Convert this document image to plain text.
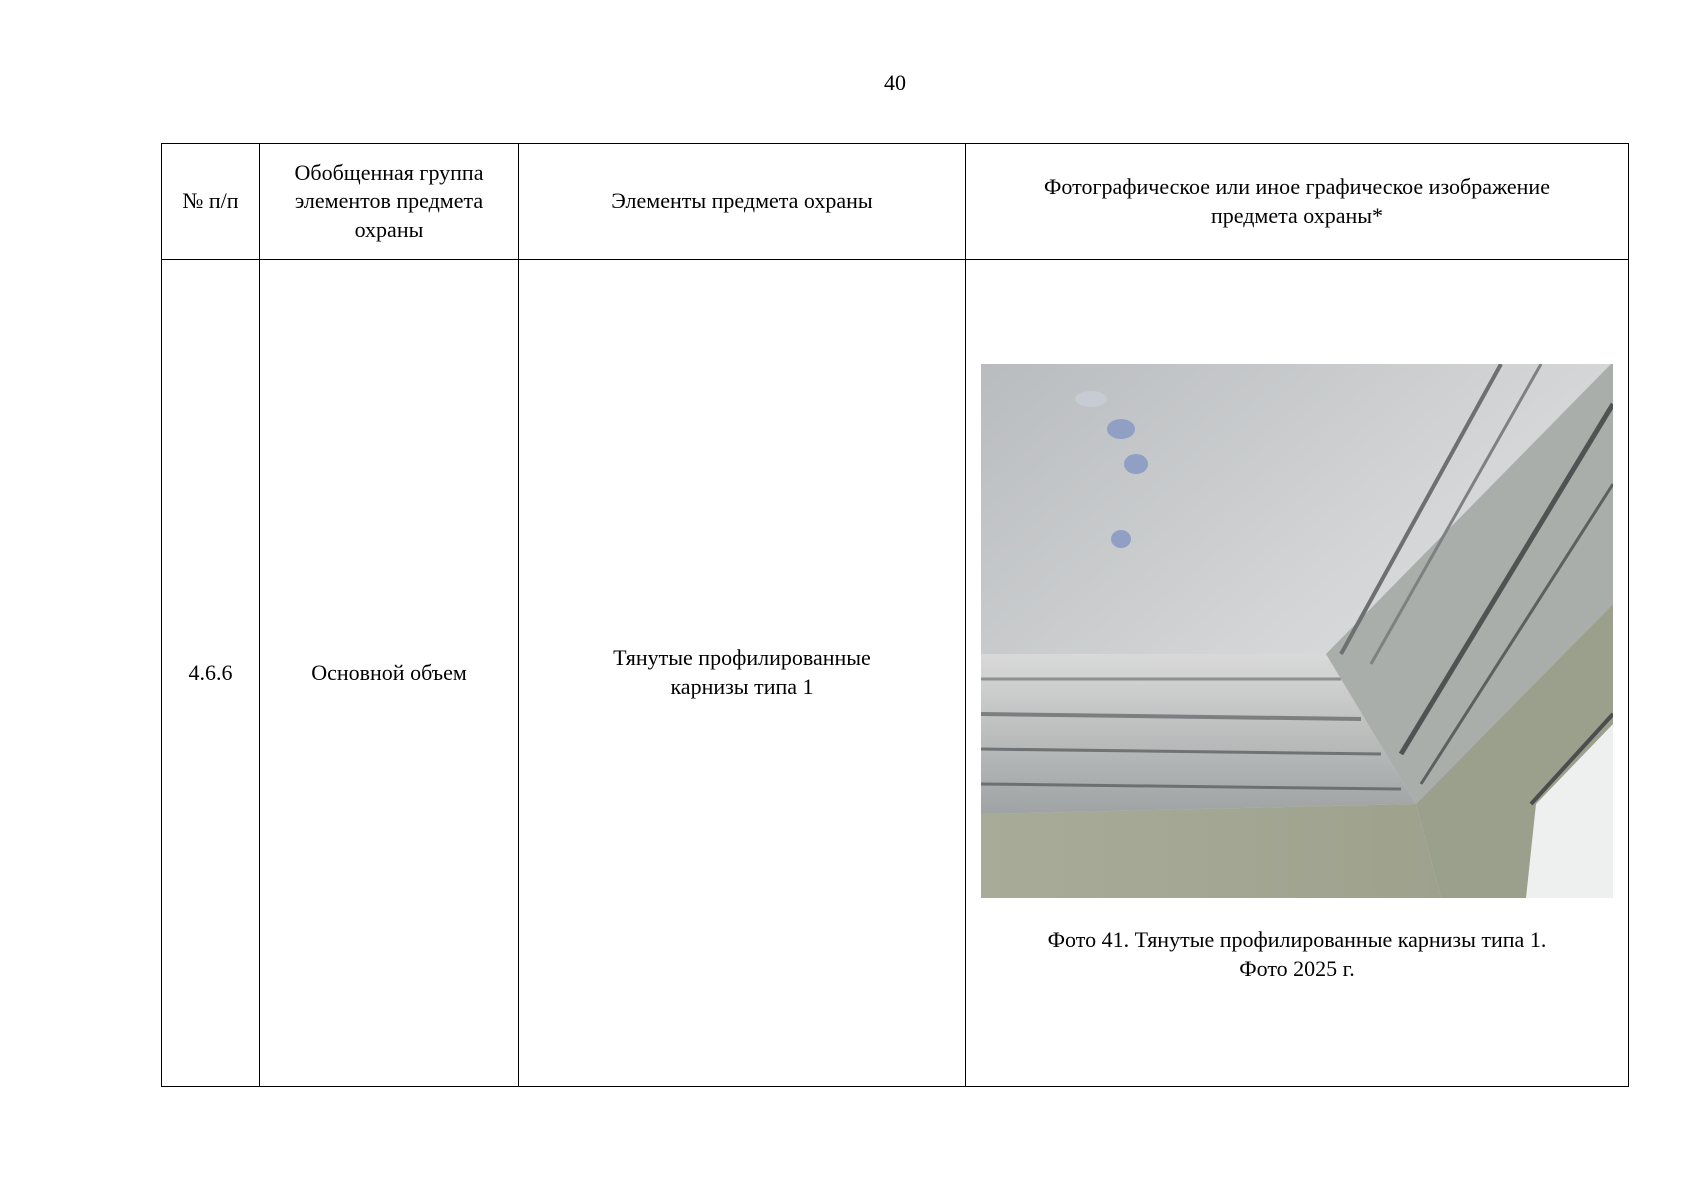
40
№ п/п	Обобщенная группа элементов предмета охраны	Элементы предмета охраны	Фотографическое или иное графическое изображение предмета охраны*
4.6.6	Основной объем	Тянутые профилированные карнизы типа 1	Фото 41. Тянутые профилированные карнизы типа 1.
Фото 2025 г.
